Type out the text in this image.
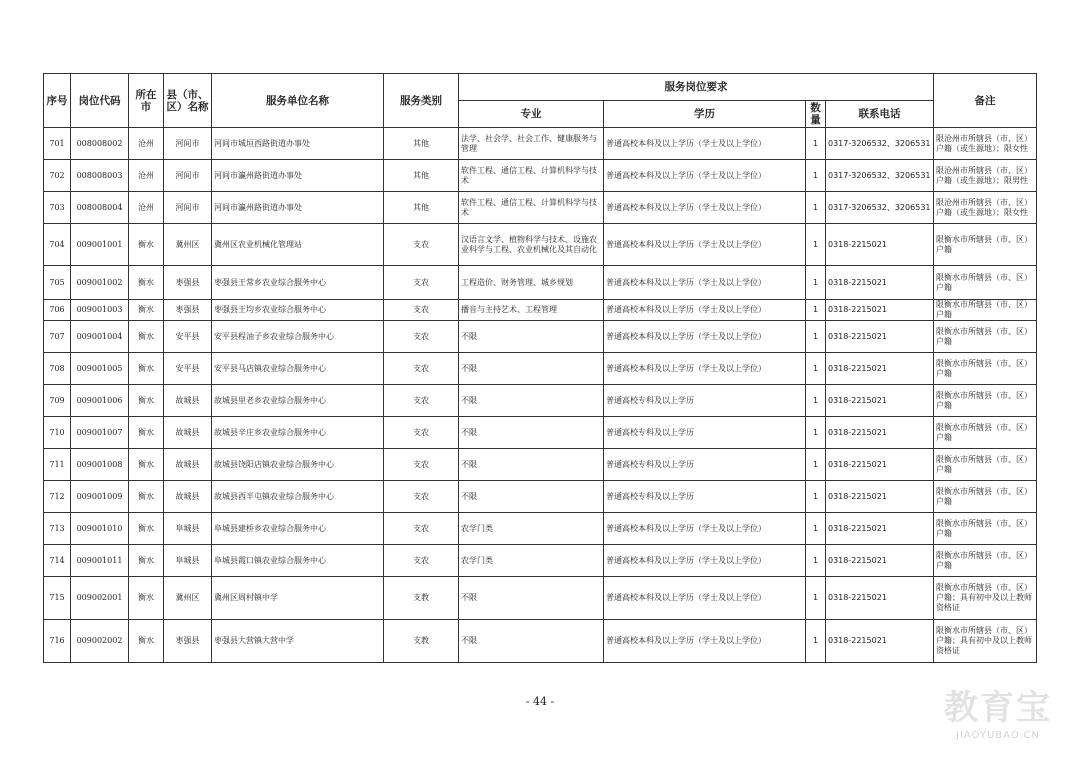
序号	岗位代码	所在市	县（市、区）名称	服务单位名称	服务类别	服务岗位要求				备注
						专业	学历	数量	联系电话	
701	008008002	沧州	河间市	河间市城垣西路街道办事处	其他	法学、社会学、社会工作、健康服务与管理	普通高校本科及以上学历（学士及以上学位）	1	0317-3206532、3206531	限沧州市所辖县（市、区）户籍（或生源地）；限女性
702	008008003	沧州	河间市	河间市瀛州路街道办事处	其他	软件工程、通信工程、计算机科学与技术	普通高校本科及以上学历（学士及以上学位）	1	0317-3206532、3206531	限沧州市所辖县（市、区）户籍（或生源地）；限男性
703	008008004	沧州	河间市	河间市瀛州路街道办事处	其他	软件工程、通信工程、计算机科学与技术	普通高校本科及以上学历（学士及以上学位）	1	0317-3206532、3206531	限沧州市所辖县（市、区）户籍（或生源地）；限女性
704	009001001	衡水	冀州区	冀州区农业机械化管理站	支农	汉语言文学、植物科学与技术、设施农业科学与工程、农业机械化及其自动化	普通高校本科及以上学历（学士及以上学位）	1	0318-2215021	限衡水市所辖县（市、区）户籍
705	009001002	衡水	枣强县	枣强县王常乡农业综合服务中心	支农	工程造价、财务管理、城乡规划	普通高校本科及以上学历（学士及以上学位）	1	0318-2215021	限衡水市所辖县（市、区）户籍
706	009001003	衡水	枣强县	枣强县王均乡农业综合服务中心	支农	播音与主持艺术、工程管理	普通高校本科及以上学历（学士及以上学位）	1	0318-2215021	限衡水市所辖县（市、区）户籍
707	009001004	衡水	安平县	安平县程油子乡农业综合服务中心	支农	不限	普通高校本科及以上学历（学士及以上学位）	1	0318-2215021	限衡水市所辖县（市、区）户籍
708	009001005	衡水	安平县	安平县马店镇农业综合服务中心	支农	不限	普通高校本科及以上学历（学士及以上学位）	1	0318-2215021	限衡水市所辖县（市、区）户籍
709	009001006	衡水	故城县	故城县里老乡农业综合服务中心	支农	不限	普通高校专科及以上学历	1	0318-2215021	限衡水市所辖县（市、区）户籍
710	009001007	衡水	故城县	故城县辛庄乡农业综合服务中心	支农	不限	普通高校专科及以上学历	1	0318-2215021	限衡水市所辖县（市、区）户籍
711	009001008	衡水	故城县	故城县饶阳店镇农业综合服务中心	支农	不限	普通高校专科及以上学历	1	0318-2215021	限衡水市所辖县（市、区）户籍
712	009001009	衡水	故城县	故城县西半屯镇农业综合服务中心	支农	不限	普通高校专科及以上学历	1	0318-2215021	限衡水市所辖县（市、区）户籍
713	009001010	衡水	阜城县	阜城县建桥乡农业综合服务中心	支农	农学门类	普通高校本科及以上学历（学士及以上学位）	1	0318-2215021	限衡水市所辖县（市、区）户籍
714	009001011	衡水	阜城县	阜城县霞口镇农业综合服务中心	支农	农学门类	普通高校本科及以上学历（学士及以上学位）	1	0318-2215021	限衡水市所辖县（市、区）户籍
715	009002001	衡水	冀州区	冀州区周村镇中学	支教	不限	普通高校本科及以上学历（学士及以上学位）	1	0318-2215021	限衡水市所辖县（市、区）户籍；具有初中及以上教师资格证
716	009002002	衡水	枣强县	枣强县大营镇大营中学	支教	不限	普通高校本科及以上学历（学士及以上学位）	1	0318-2215021	限衡水市所辖县（市、区）户籍；具有初中及以上教师资格证
- 44 -	教育宝
JIAOYUBAO.CN
